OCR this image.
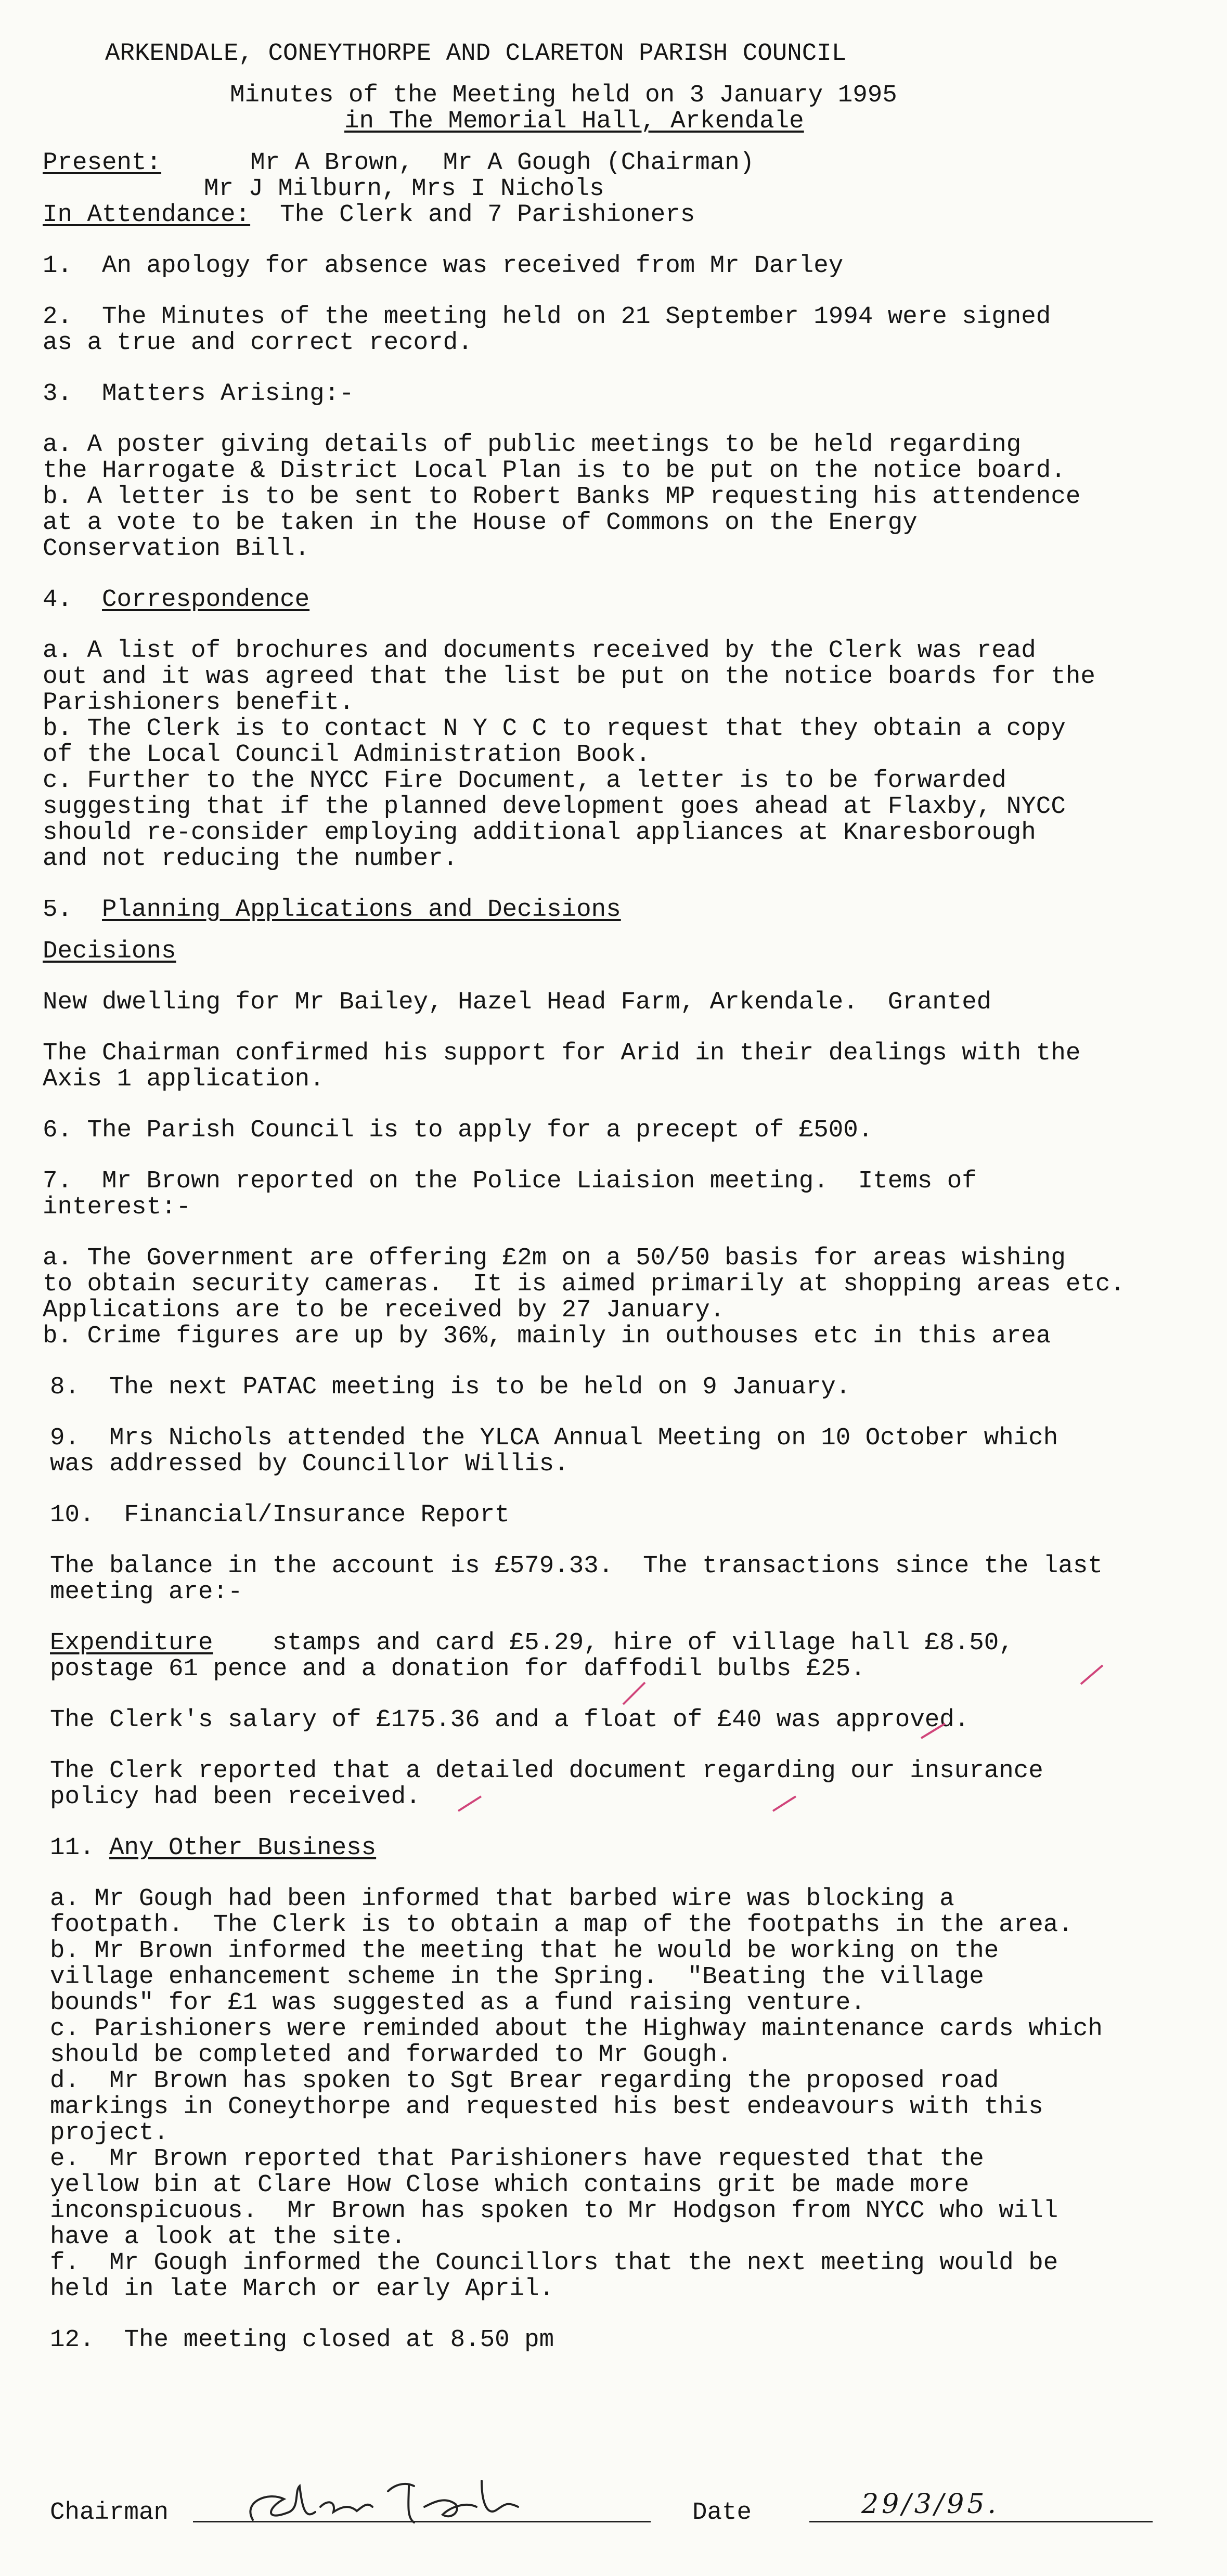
ARKENDALE, CONEYTHORPE AND CLARETON PARISH COUNCIL
Minutes of the Meeting held on 3 January 1995
in The Memorial Hall, Arkendale
Present:	Mr A Brown,  Mr A Gough (Chairman)
Mr J Milburn, Mrs I Nichols
In Attendance: The Clerk and 7 Parishioners
1.  An apology for absence was received from Mr Darley
2.  The Minutes of the meeting held on 21 September 1994 were signed
as a true and correct record.
3.  Matters Arising:-
a. A poster giving details of public meetings to be held regarding
the Harrogate & District Local Plan is to be put on the notice board.
b. A letter is to be sent to Robert Banks MP requesting his attendence
at a vote to be taken in the House of Commons on the Energy
Conservation Bill.
4.  Correspondence
a. A list of brochures and documents received by the Clerk was read
out and it was agreed that the list be put on the notice boards for the
Parishioners benefit.
b. The Clerk is to contact N Y C C to request that they obtain a copy
of the Local Council Administration Book.
c. Further to the NYCC Fire Document, a letter is to be forwarded
suggesting that if the planned development goes ahead at Flaxby, NYCC
should re-consider employing additional appliances at Knaresborough
and not reducing the number.
5.  Planning Applications and Decisions
Decisions
New dwelling for Mr Bailey, Hazel Head Farm, Arkendale.  Granted
The Chairman confirmed his support for Arid in their dealings with the
Axis 1 application.
6. The Parish Council is to apply for a precept of £500.
7.  Mr Brown reported on the Police Liaision meeting.  Items of
interest:-
a. The Government are offering £2m on a 50/50 basis for areas wishing
to obtain security cameras.  It is aimed primarily at shopping areas etc.
Applications are to be received by 27 January.
b. Crime figures are up by 36%, mainly in outhouses etc in this area
8.  The next PATAC meeting is to be held on 9 January.
9.  Mrs Nichols attended the YLCA Annual Meeting on 10 October which
was addressed by Councillor Willis.
10.  Financial/Insurance Report
The balance in the account is £579.33.  The transactions since the last
meeting are:-
Expenditure    stamps and card £5.29, hire of village hall £8.50,
postage 61 pence and a donation for daffodil bulbs £25.
The Clerk's salary of £175.36 and a float of £40 was approved.
The Clerk reported that a detailed document regarding our insurance
policy had been received.
11. Any Other Business
a. Mr Gough had been informed that barbed wire was blocking a
footpath.  The Clerk is to obtain a map of the footpaths in the area.
b. Mr Brown informed the meeting that he would be working on the
village enhancement scheme in the Spring.  "Beating the village
bounds" for £1 was suggested as a fund raising venture.
c. Parishioners were reminded about the Highway maintenance cards which
should be completed and forwarded to Mr Gough.
d.  Mr Brown has spoken to Sgt Brear regarding the proposed road
markings in Coneythorpe and requested his best endeavours with this
project.
e.  Mr Brown reported that Parishioners have requested that the
yellow bin at Clare How Close which contains grit be made more
inconspicuous.  Mr Brown has spoken to Mr Hodgson from NYCC who will
have a look at the site.
f.  Mr Gough informed the Councillors that the next meeting would be
held in late March or early April.
12.  The meeting closed at 8.50 pm
Chairman	Date	29/3/95.
